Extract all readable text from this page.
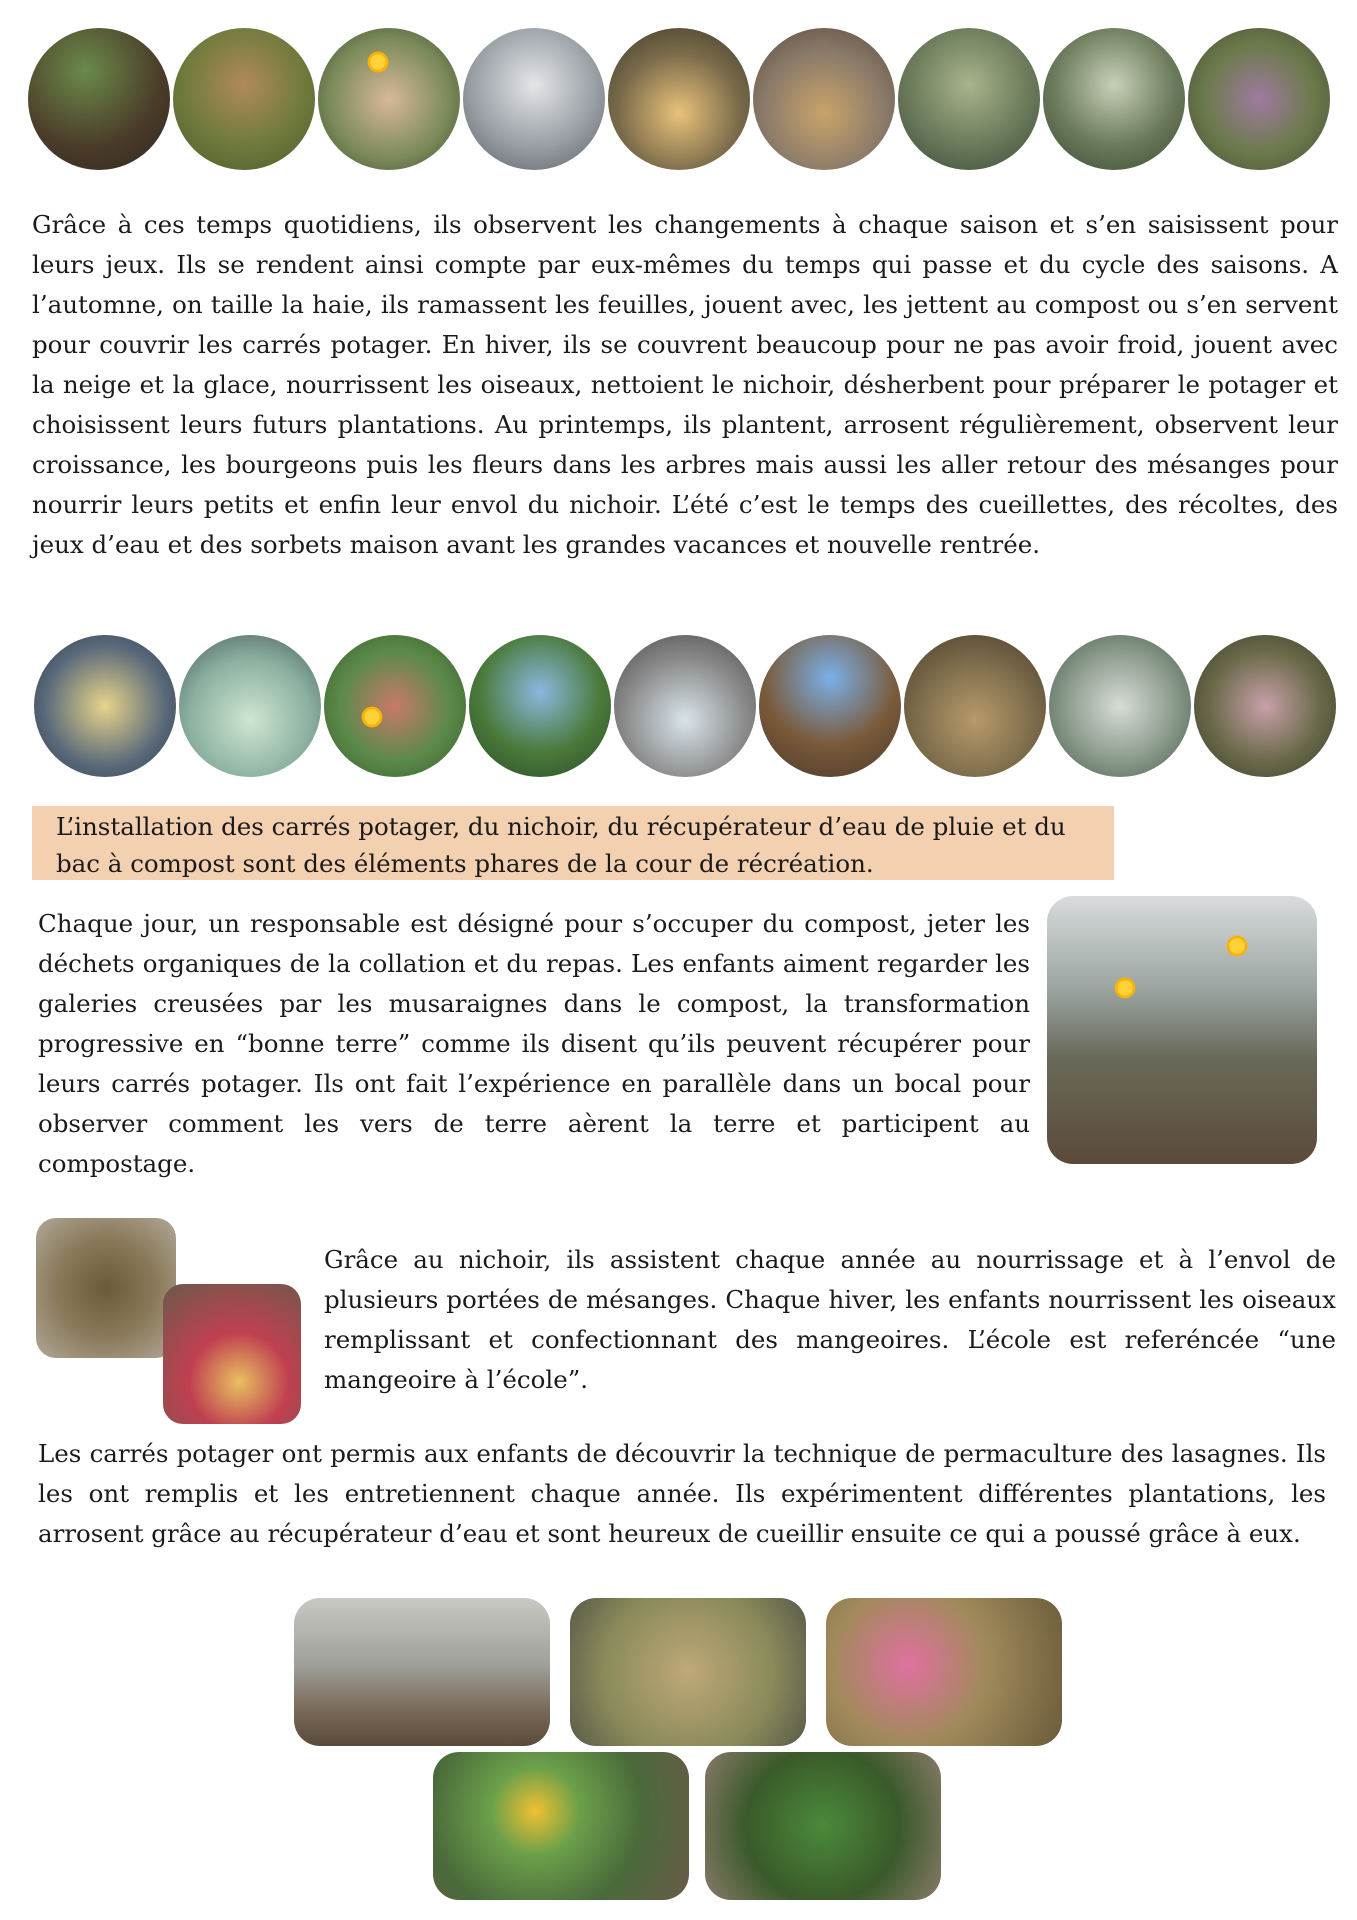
Grâce à ces temps quotidiens, ils observent les changements à chaque saison et s’en saisissent pour leurs jeux. Ils se rendent ainsi compte par eux-mêmes du temps qui passe et du cycle des saisons. A l’automne, on taille la haie, ils ramassent les feuilles, jouent avec, les jettent au compost ou s’en servent pour couvrir les carrés potager. En hiver, ils se couvrent beaucoup pour ne pas avoir froid, jouent avec la neige et la glace, nourrissent les oiseaux, nettoient le nichoir, désherbent pour préparer le potager et choisissent leurs futurs plantations. Au printemps, ils plantent, arrosent régulièrement, observent leur croissance, les bourgeons puis les fleurs dans les arbres mais aussi les aller retour des mésanges pour nourrir leurs petits et enfin leur envol du nichoir. L’été c’est le temps des cueillettes, des récoltes, des jeux d’eau et des sorbets maison avant les grandes vacances et nouvelle rentrée.

L’installation des carrés potager, du nichoir, du récupérateur d’eau de pluie et du bac à compost sont des éléments phares de la cour de récréation.

Chaque jour, un responsable est désigné pour s’occuper du compost, jeter les déchets organiques de la collation et du repas. Les enfants aiment regarder les galeries creusées par les musaraignes dans le compost, la transformation progressive en “bonne terre” comme ils disent qu’ils peuvent récupérer pour leurs carrés potager. Ils ont fait l’expérience en parallèle dans un bocal pour observer comment les vers de terre aèrent la terre et participent au compostage.

Grâce au nichoir, ils assistent chaque année au nourrissage et à l’envol de plusieurs portées de mésanges. Chaque hiver, les enfants nourrissent les oiseaux remplissant et confectionnant des mangeoires. L’école est referéncée “une mangeoire à l’école”.

Les carrés potager ont permis aux enfants de découvrir la technique de permaculture des lasagnes. Ils les ont remplis et les entretiennent chaque année. Ils expérimentent différentes plantations, les arrosent grâce au récupérateur d’eau et sont heureux de cueillir ensuite ce qui a poussé grâce à eux.
